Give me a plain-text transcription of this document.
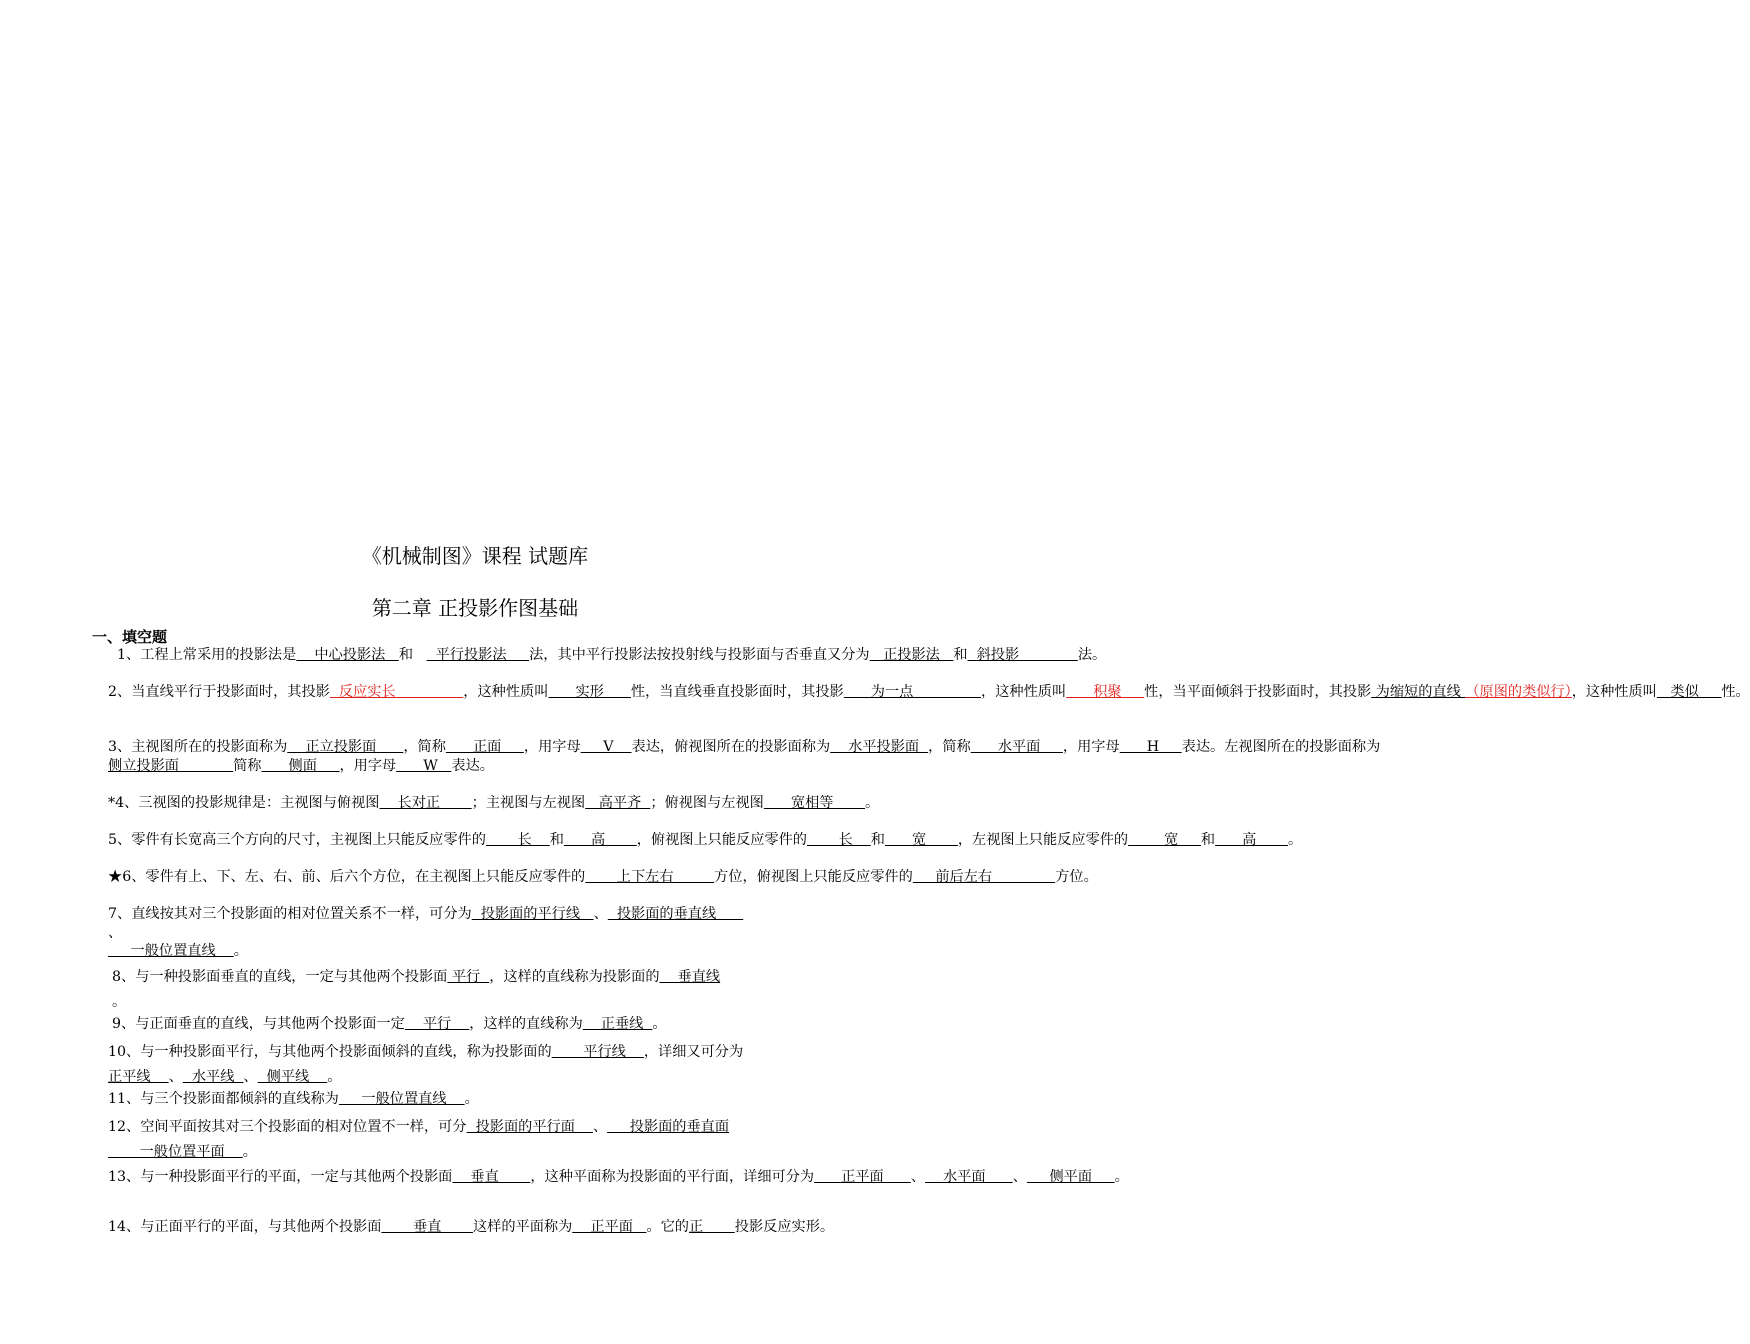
《机械制图》课程 试题库
第二章 正投影作图基础
一、填空题
1、工程上常采用的投影法是    中心投影法   和     平行投影法     法，其中平行投影法按投射线与投影面与否垂直又分为   正投影法   和  斜投影             法。
2、当直线平行于投影面时，其投影  反应实长               ，这种性质叫      实形      性，当直线垂直投影面时，其投影      为一点               ，这种性质叫      积聚     性，当平面倾斜于投影面时，其投影 为缩短的直线 （原图的类似行），这种性质叫   类似     性。
3、主视图所在的投影面称为    正立投影面      ，简称      正面     ，用字母     V    表达，俯视图所在的投影面称为    水平投影面  ，简称      水平面     ，用字母      H     表达。左视图所在的投影面称为侧立投影面            简称      侧面     ，用字母      W   表达。
*4、三视图的投影规律是：主视图与俯视图    长对正       ；主视图与左视图   高平齐  ；俯视图与左视图      宽相等       。
5、零件有长宽高三个方向的尺寸，主视图上只能反应零件的       长    和      高       ，俯视图上只能反应零件的       长    和      宽       ，左视图上只能反应零件的        宽     和      高       。
★6、零件有上、下、左、右、前、后六个方位，在主视图上只能反应零件的       上下左右         方位，俯视图上只能反应零件的     前后左右              方位。
7、直线按其对三个投影面的相对位置关系不一样，可分为  投影面的平行线   、  投影面的垂直线
、
一般位置直线    。
8、与一种投影面垂直的直线，一定与其他两个投影面 平行  ，这样的直线称为投影面的    垂直线
。
9、与正面垂直的直线，与其他两个投影面一定    平行    ，这样的直线称为    正垂线  。
10、与一种投影面平行，与其他两个投影面倾斜的直线，称为投影面的       平行线    ，详细又可分为正平线    、  水平线  、  侧平线    。
11、与三个投影面都倾斜的直线称为     一般位置直线    。
12、空间平面按其对三个投影面的相对位置不一样，可分  投影面的平行面    、     投影面的垂直面
一般位置平面    。
13、与一种投影面平行的平面，一定与其他两个投影面    垂直       ，这种平面称为投影面的平行面，详细可分为      正平面      、    水平面      、     侧平面     。
14、与正面平行的平面，与其他两个投影面       垂直       这样的平面称为    正平面   。它的正       投影反应实形。
